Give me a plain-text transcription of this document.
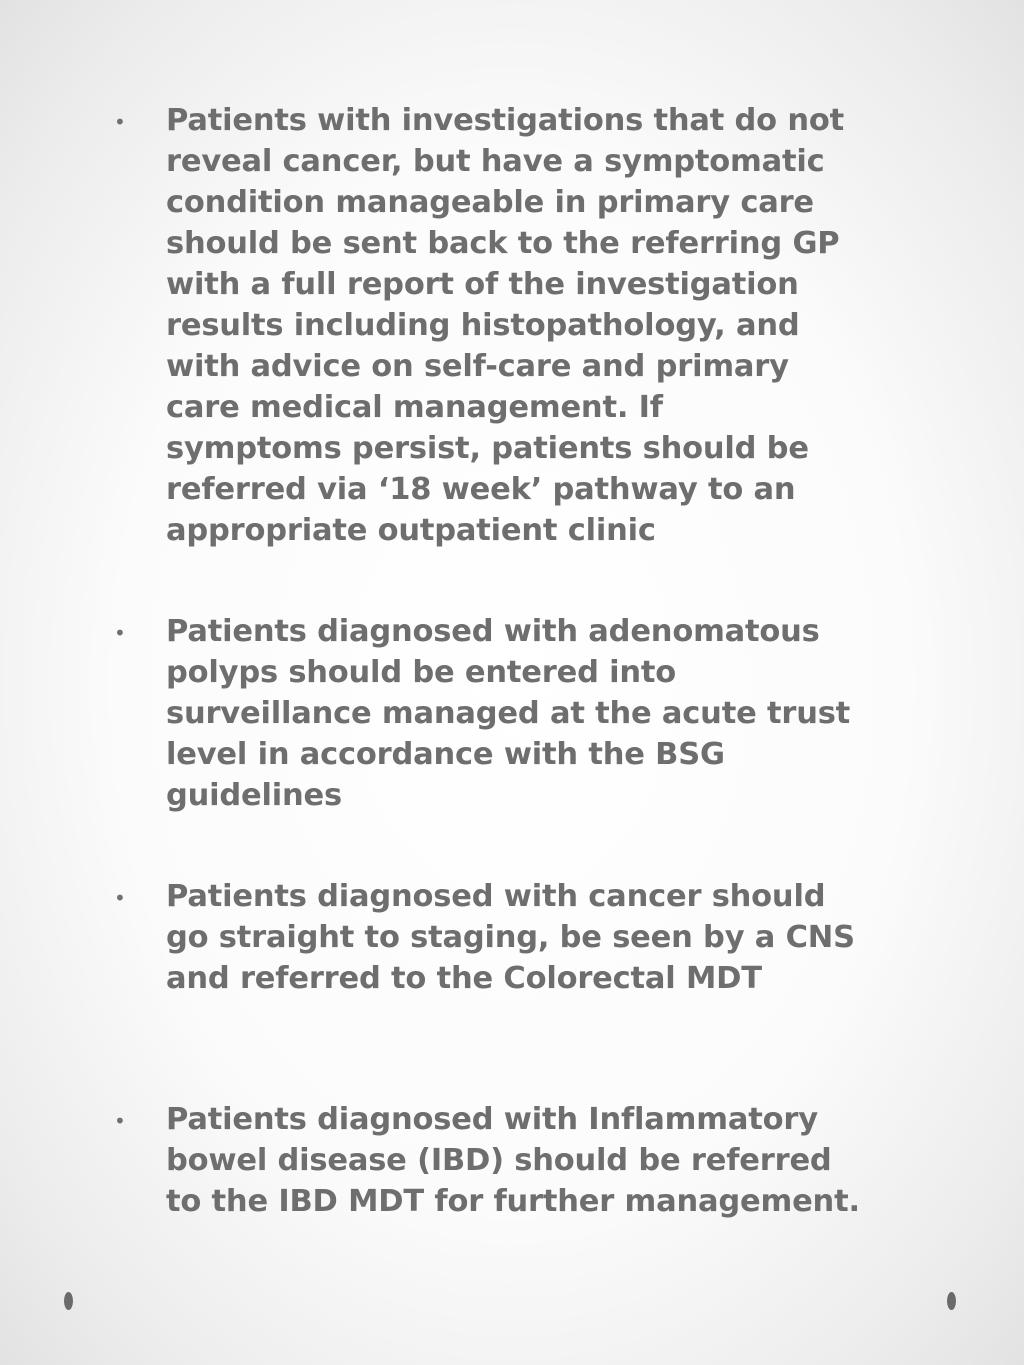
• Patients with investigations that do not
reveal cancer, but have a symptomatic
condition manageable in primary care
should be sent back to the referring GP
with a full report of the investigation
results including histopathology, and
with advice on self-care and primary
care medical management. If
symptoms persist, patients should be
referred via ‘18 week’ pathway to an
appropriate outpatient clinic
• Patients diagnosed with adenomatous
polyps should be entered into
surveillance managed at the acute trust
level in accordance with the BSG
guidelines
• Patients diagnosed with cancer should
go straight to staging, be seen by a CNS
and referred to the Colorectal MDT
• Patients diagnosed with Inflammatory
bowel disease (IBD) should be referred
to the IBD MDT for further management.
